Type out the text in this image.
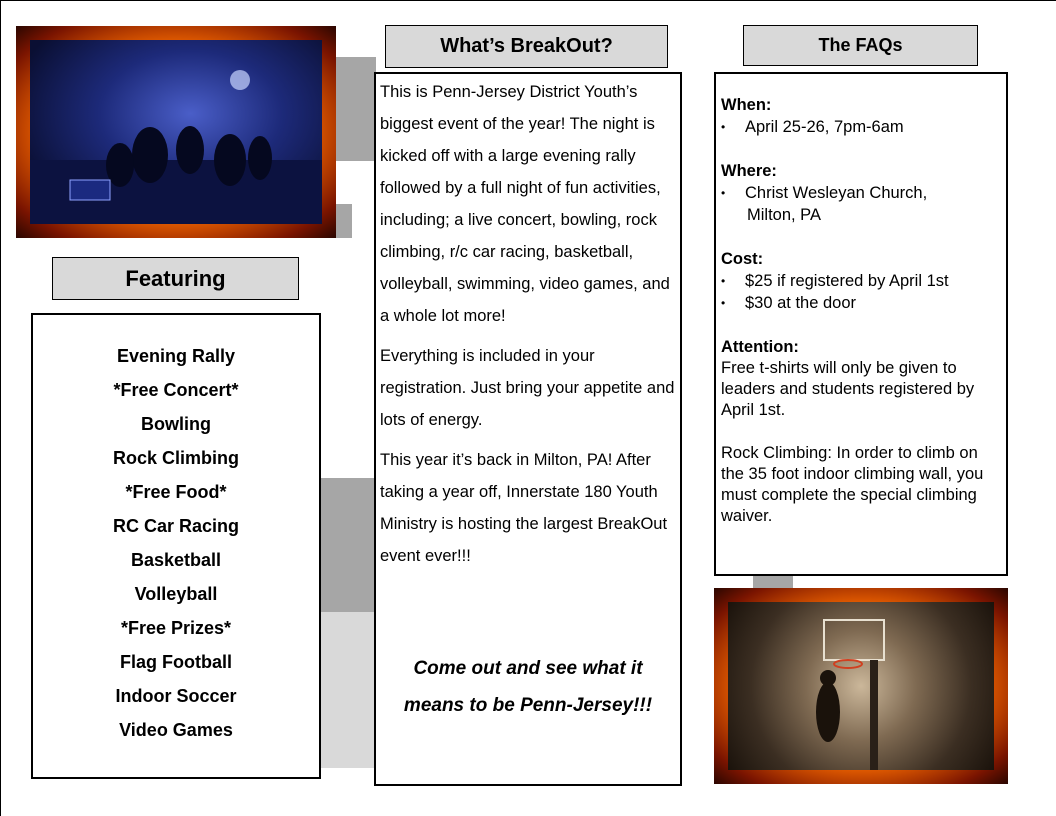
What’s BreakOut?

This is Penn-Jersey District Youth’s biggest event of the year! The night is kicked off with a large evening rally followed by a full night of fun activities, including; a live concert, bowling, rock climbing, r/c car racing, basketball, volleyball, swimming, video games, and a whole lot more!

Everything is included in your registration. Just bring your appetite and lots of energy.

This year it’s back in Milton, PA! After taking a year off, Innerstate 180 Youth Ministry is hosting the largest BreakOut event ever!!!

Come out and see what it
means to be Penn-Jersey!!!
Featuring
Evening Rally
*Free Concert*
Bowling
Rock Climbing
*Free Food*
RC Car Racing
Basketball
Volleyball
*Free Prizes*
Flag Football
Indoor Soccer
Video Games
The FAQs
When:
• April 25-26, 7pm-6am
Where:
• Christ Wesleyan Church,
Milton, PA
Cost:
• $25 if registered by April 1st
• $30 at the door
Attention:
Free t-shirts will only be given to leaders and students registered by April 1st.
Rock Climbing: In order to climb on the 35 foot indoor climbing wall, you must complete the special climbing waiver.
